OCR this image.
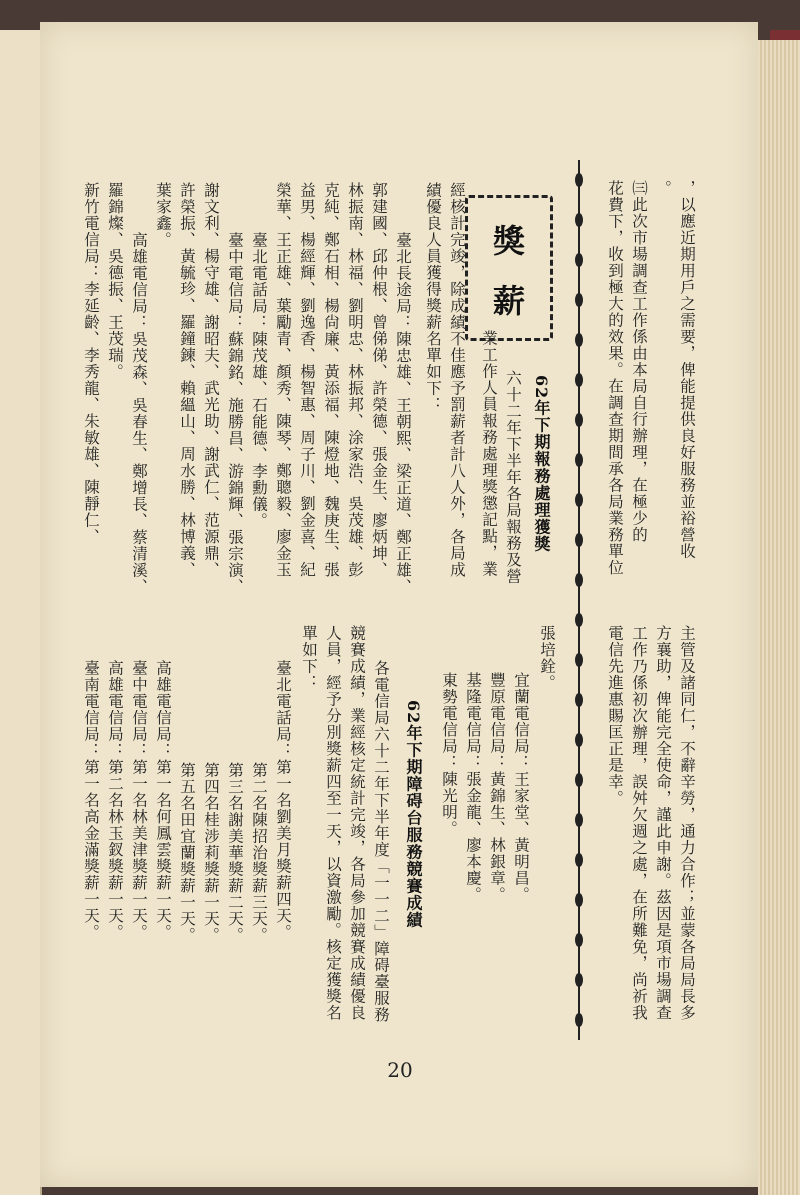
，以應近期用戶之需要，俾能提供良好服務並裕營收
。
㈢此次市場調查工作係由本局自行辦理，在極少的
花費下，收到極大的效果。在調查期間承各局業務單位
主管及諸同仁，不辭辛勞，通力合作；並蒙各局局長多
方襄助，俾能完全使命，謹此申謝。茲因是項市場調查
工作乃係初次辦理，誤舛欠週之處，在所難免，尚祈我
電信先進惠賜匡正是幸。
獎
薪
62年下期報務處理獲獎
六十二年下半年各局報務及營
業工作人員報務處理獎懲記點，業
經核計完竣，除成績不佳應予罰薪者計八人外，各局成
績優良人員獲得獎薪名單如下：
臺北長途局：陳忠雄、王朝熙、梁正道、鄭正雄、
郭建國、邱仲根、曾俤俤、許榮德、張金生、廖炳坤、
林振南、林福、劉明忠、林振邦、涂家浩、吳茂雄、彭
克純、鄭石相、楊尙廉、黃添福、陳燈地、魏庚生、張
益男、楊經輝、劉逸香、楊智惠、周子川、劉金喜、紀
榮華、王正雄、葉勵青、顏秀、陳琴、鄭聰毅、廖金玉
臺北電話局：陳茂雄、石能德、李勳儀。
臺中電信局：蘇錦銘、施勝昌、游錦輝、張宗演、
謝文利、楊守雄、謝昭夫、武光助、謝武仁、范源鼎、
許榮振、黃毓珍、羅鐘鍊、賴縕山、周水勝、林博義、
葉家鑫。
高雄電信局：吳茂森、吳春生、鄭增長、蔡清溪、
羅錦燦、吳德振、王茂瑞。
新竹電信局：李延齡、李秀龍、朱敏雄、陳靜仁、
張培銓。
宜蘭電信局：王家堂、黃明昌。
豐原電信局：黃錦生、林銀章。
基隆電信局：張金龍、廖本慶。
東勢電信局：陳光明。
62年下期障碍台服務競賽成績
各電信局六十二年下半年度「一一二」障碍臺服務
競賽成績，業經核定統計完竣，各局參加競賽成績優良
人員，經予分別獎薪四至一天，以資激勵。核定獲獎名
單如下：
臺北電話局：第一名劉美月獎薪四天。
第二名陳招治獎薪三天。
第三名謝美華獎薪二天。
第四名桂涉莉獎薪一天。
第五名田宜蘭獎薪一天。
高雄電信局：第一名何鳳雲獎薪一天。
臺中電信局：第一名林美津獎薪一天。
高雄電信局：第二名林玉釵獎薪一天。
臺南電信局：第一名高金滿獎薪一天。
20
